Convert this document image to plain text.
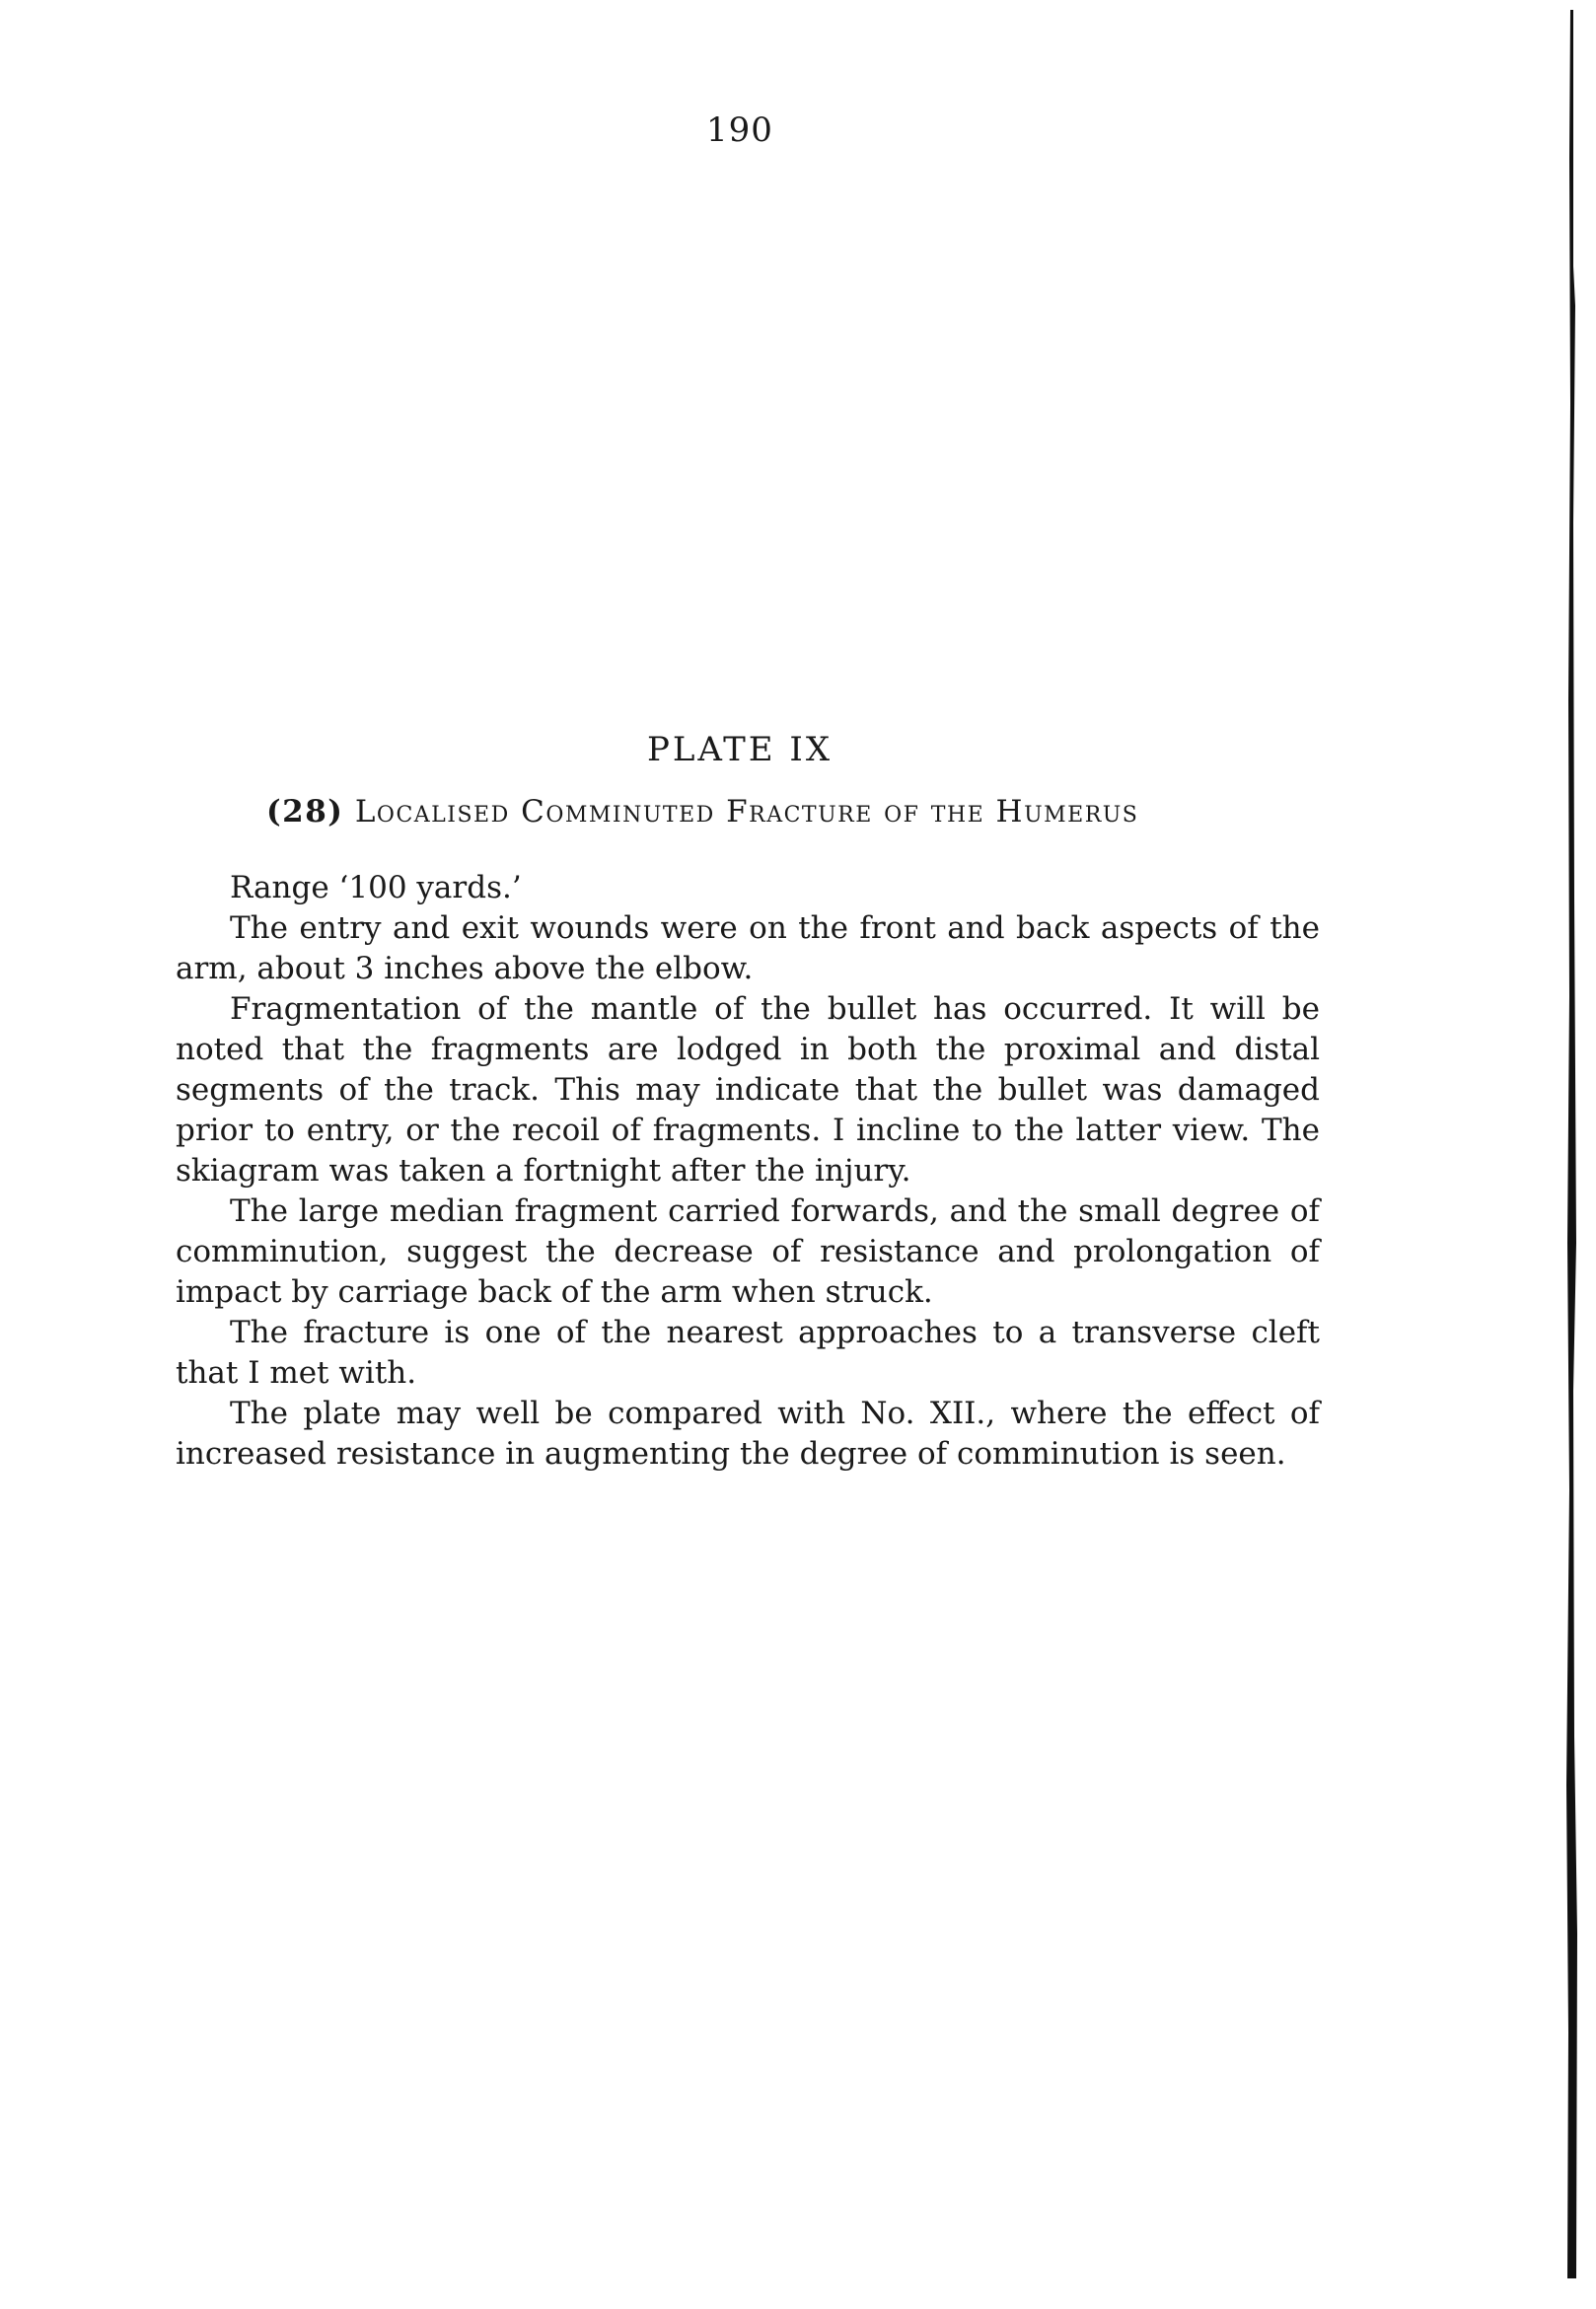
190
PLATE IX
(28) Localised Comminuted Fracture of the Humerus

Range ‘100 yards.’

The entry and exit wounds were on the front and back aspects of the arm, about 3 inches above the elbow.

Fragmentation of the mantle of the bullet has occurred. It will be noted that the fragments are lodged in both the proximal and distal segments of the track. This may indicate that the bullet was damaged prior to entry, or the recoil of fragments. I incline to the latter view. The skiagram was taken a fortnight after the injury.

The large median fragment carried forwards, and the small degree of comminution, suggest the decrease of resistance and prolongation of impact by carriage back of the arm when struck.

The fracture is one of the nearest approaches to a transverse cleft that I met with.

The plate may well be compared with No. XII., where the effect of increased resistance in augmenting the degree of comminution is seen.
